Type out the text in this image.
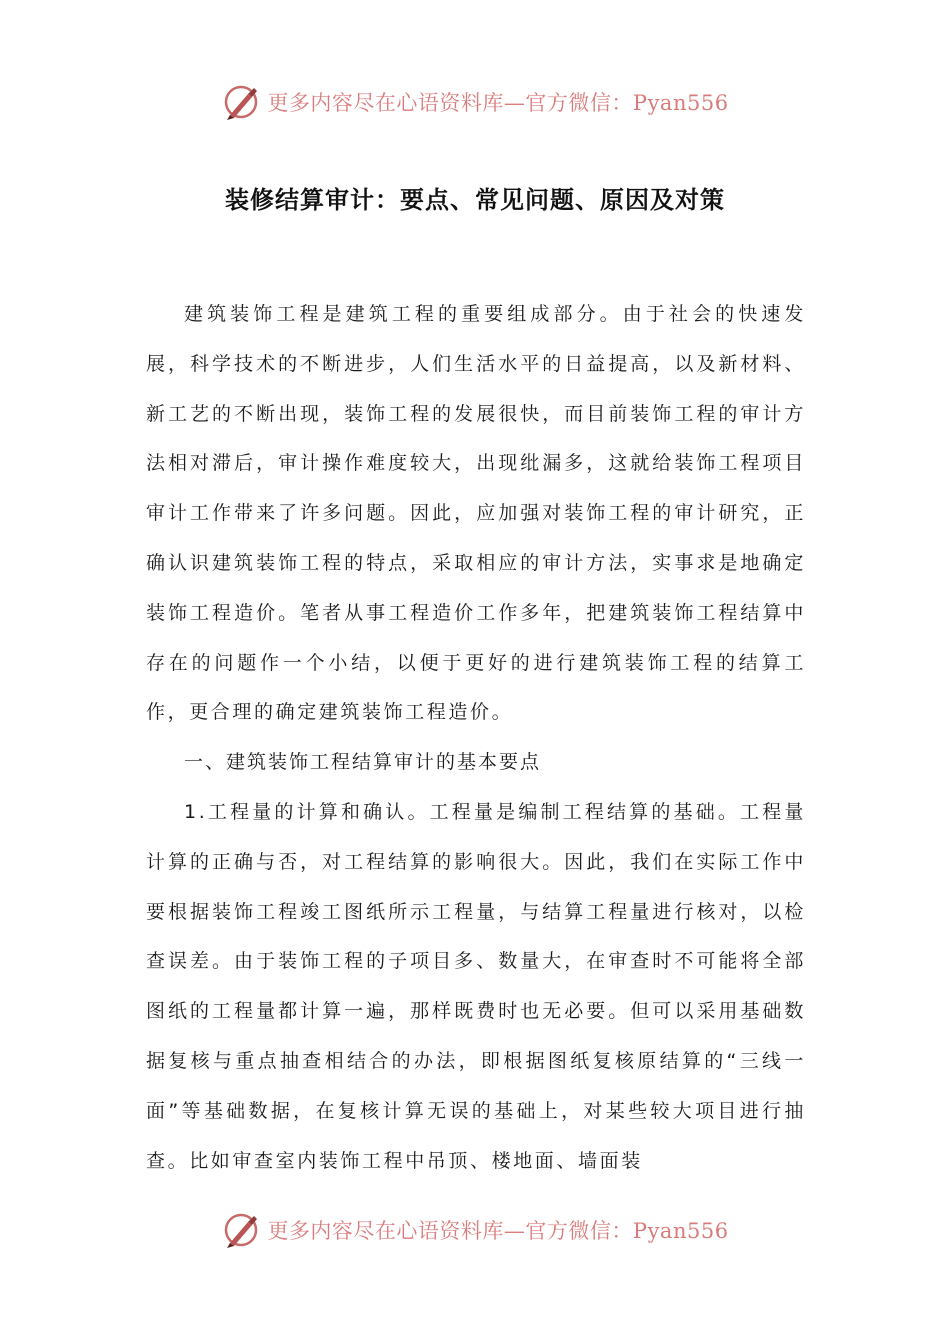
更多内容尽在心语资料库—官方微信：Pyan556
装修结算审计：要点、常见问题、原因及对策

建筑装饰工程是建筑工程的重要组成部分。由于社会的快速发展，科学技术的不断进步，人们生活水平的日益提高，以及新材料、新工艺的不断出现，装饰工程的发展很快，而目前装饰工程的审计方法相对滞后，审计操作难度较大，出现纰漏多，这就给装饰工程项目审计工作带来了许多问题。因此，应加强对装饰工程的审计研究，正确认识建筑装饰工程的特点，采取相应的审计方法，实事求是地确定装饰工程造价。笔者从事工程造价工作多年，把建筑装饰工程结算中存在的问题作一个小结，以便于更好的进行建筑装饰工程的结算工作，更合理的确定建筑装饰工程造价。

一、建筑装饰工程结算审计的基本要点

1.工程量的计算和确认。工程量是编制工程结算的基础。工程量计算的正确与否，对工程结算的影响很大。因此，我们在实际工作中要根据装饰工程竣工图纸所示工程量，与结算工程量进行核对，以检查误差。由于装饰工程的子项目多、数量大，在审查时不可能将全部图纸的工程量都计算一遍，那样既费时也无必要。但可以采用基础数据复核与重点抽查相结合的办法，即根据图纸复核原结算的“三线一面”等基础数据，在复核计算无误的基础上，对某些较大项目进行抽查。比如审查室内装饰工程中吊顶、楼地面、墙面装

更多内容尽在心语资料库—官方微信：Pyan556
